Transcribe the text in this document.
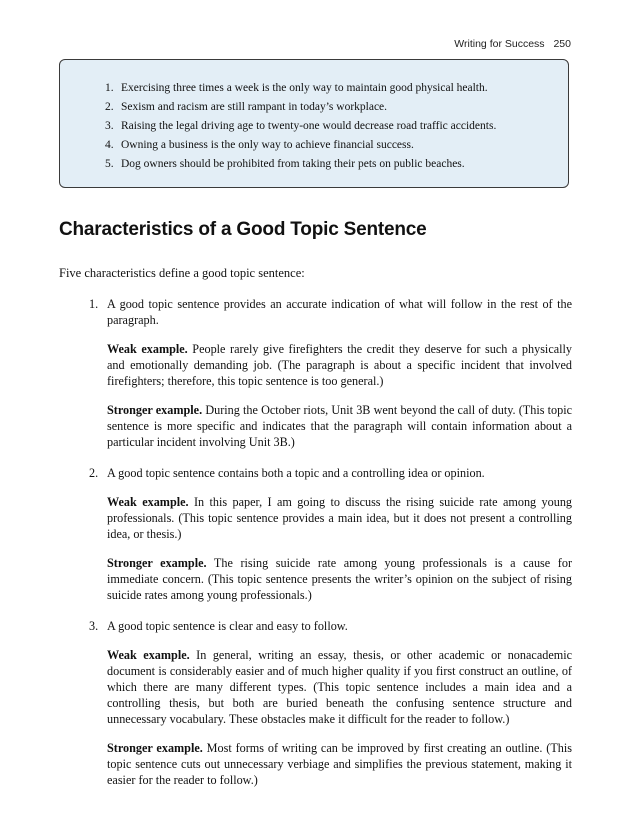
Writing for Success 250
1. Exercising three times a week is the only way to maintain good physical health.
2. Sexism and racism are still rampant in today’s workplace.
3. Raising the legal driving age to twenty-one would decrease road traffic accidents.
4. Owning a business is the only way to achieve financial success.
5. Dog owners should be prohibited from taking their pets on public beaches.
Characteristics of a Good Topic Sentence

Five characteristics define a good topic sentence:

1. A good topic sentence provides an accurate indication of what will follow in the rest of the paragraph.

Weak example. People rarely give firefighters the credit they deserve for such a physically and emotionally demanding job. (The paragraph is about a specific incident that involved firefighters; therefore, this topic sentence is too general.)

Stronger example. During the October riots, Unit 3B went beyond the call of duty. (This topic sentence is more specific and indicates that the paragraph will contain information about a particular incident involving Unit 3B.)

2. A good topic sentence contains both a topic and a controlling idea or opinion.

Weak example. In this paper, I am going to discuss the rising suicide rate among young professionals. (This topic sentence provides a main idea, but it does not present a controlling idea, or thesis.)

Stronger example. The rising suicide rate among young professionals is a cause for immediate concern. (This topic sentence presents the writer’s opinion on the subject of rising suicide rates among young professionals.)

3. A good topic sentence is clear and easy to follow.

Weak example. In general, writing an essay, thesis, or other academic or nonacademic document is considerably easier and of much higher quality if you first construct an outline, of which there are many different types. (This topic sentence includes a main idea and a controlling thesis, but both are buried beneath the confusing sentence structure and unnecessary vocabulary. These obstacles make it difficult for the reader to follow.)

Stronger example. Most forms of writing can be improved by first creating an outline. (This topic sentence cuts out unnecessary verbiage and simplifies the previous statement, making it easier for the reader to follow.)
